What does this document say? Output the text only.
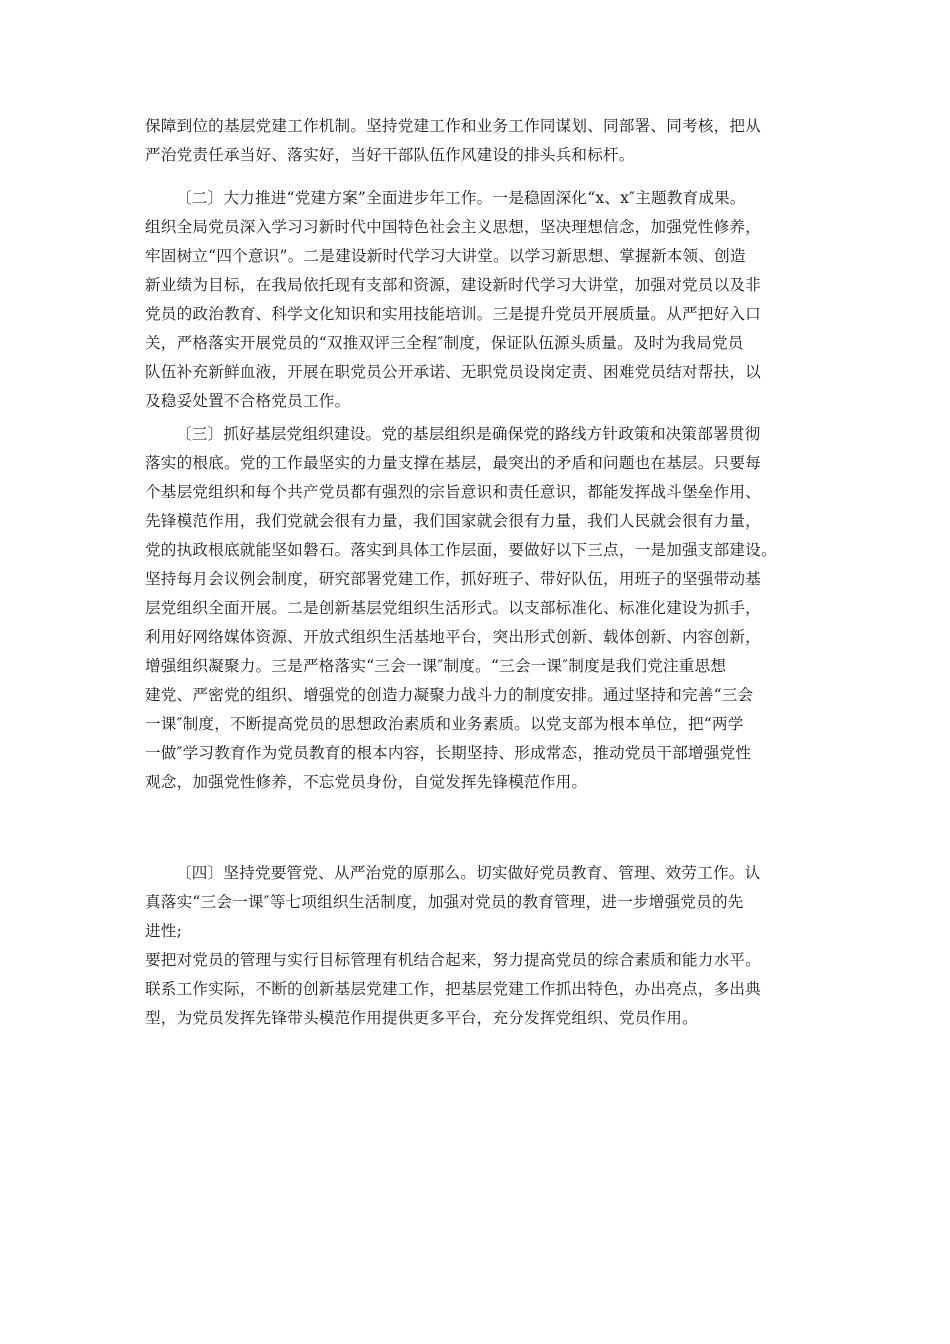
保障到位的基层党建工作机制。坚持党建工作和业务工作同谋划、同部署、同考核，把从
严治党责任承当好、落实好，当好干部队伍作风建设的排头兵和标杆。
〔二〕大力推进“党建方案”全面进步年工作。一是稳固深化“x、x″主题教育成果。
组织全局党员深入学习习新时代中国特色社会主义思想，坚决理想信念，加强党性修养，
牢固树立“四个意识”。二是建设新时代学习大讲堂。以学习新思想、掌握新本领、创造
新业绩为目标，在我局依托现有支部和资源，建设新时代学习大讲堂，加强对党员以及非
党员的政治教育、科学文化知识和实用技能培训。三是提升党员开展质量。从严把好入口
关，严格落实开展党员的“双推双评三全程″制度，保证队伍源头质量。及时为我局党员
队伍补充新鲜血液，开展在职党员公开承诺、无职党员设岗定责、困难党员结对帮扶，以
及稳妥处置不合格党员工作。
〔三〕抓好基层党组织建设。党的基层组织是确保党的路线方针政策和决策部署贯彻
落实的根底。党的工作最坚实的力量支撑在基层，最突出的矛盾和问题也在基层。只要每
个基层党组织和每个共产党员都有强烈的宗旨意识和责任意识，都能发挥战斗堡垒作用、
先锋模范作用，我们党就会很有力量，我们国家就会很有力量，我们人民就会很有力量，
党的执政根底就能坚如磐石。落实到具体工作层面，要做好以下三点，一是加强支部建设。
坚持每月会议例会制度，研究部署党建工作，抓好班子、带好队伍，用班子的坚强带动基
层党组织全面开展。二是创新基层党组织生活形式。以支部标准化、标准化建设为抓手，
利用好网络媒体资源、开放式组织生活基地平台，突出形式创新、载体创新、内容创新，
增强组织凝聚力。三是严格落实“三会一课″制度。“三会一课″制度是我们党注重思想
建党、严密党的组织、增强党的创造力凝聚力战斗力的制度安排。通过坚持和完善“三会
一课″制度，不断提高党员的思想政治素质和业务素质。以党支部为根本单位，把“两学
一做″学习教育作为党员教育的根本内容，长期坚持、形成常态，推动党员干部增强党性
观念，加强党性修养，不忘党员身份，自觉发挥先锋模范作用。
〔四〕坚持党要管党、从严治党的原那么。切实做好党员教育、管理、效劳工作。认
真落实“三会一课″等七项组织生活制度，加强对党员的教育管理，进一步增强党员的先
进性;
要把对党员的管理与实行目标管理有机结合起来，努力提高党员的综合素质和能力水平。
联系工作实际，不断的创新基层党建工作，把基层党建工作抓出特色，办出亮点，多出典
型，为党员发挥先锋带头模范作用提供更多平台，充分发挥党组织、党员作用。
